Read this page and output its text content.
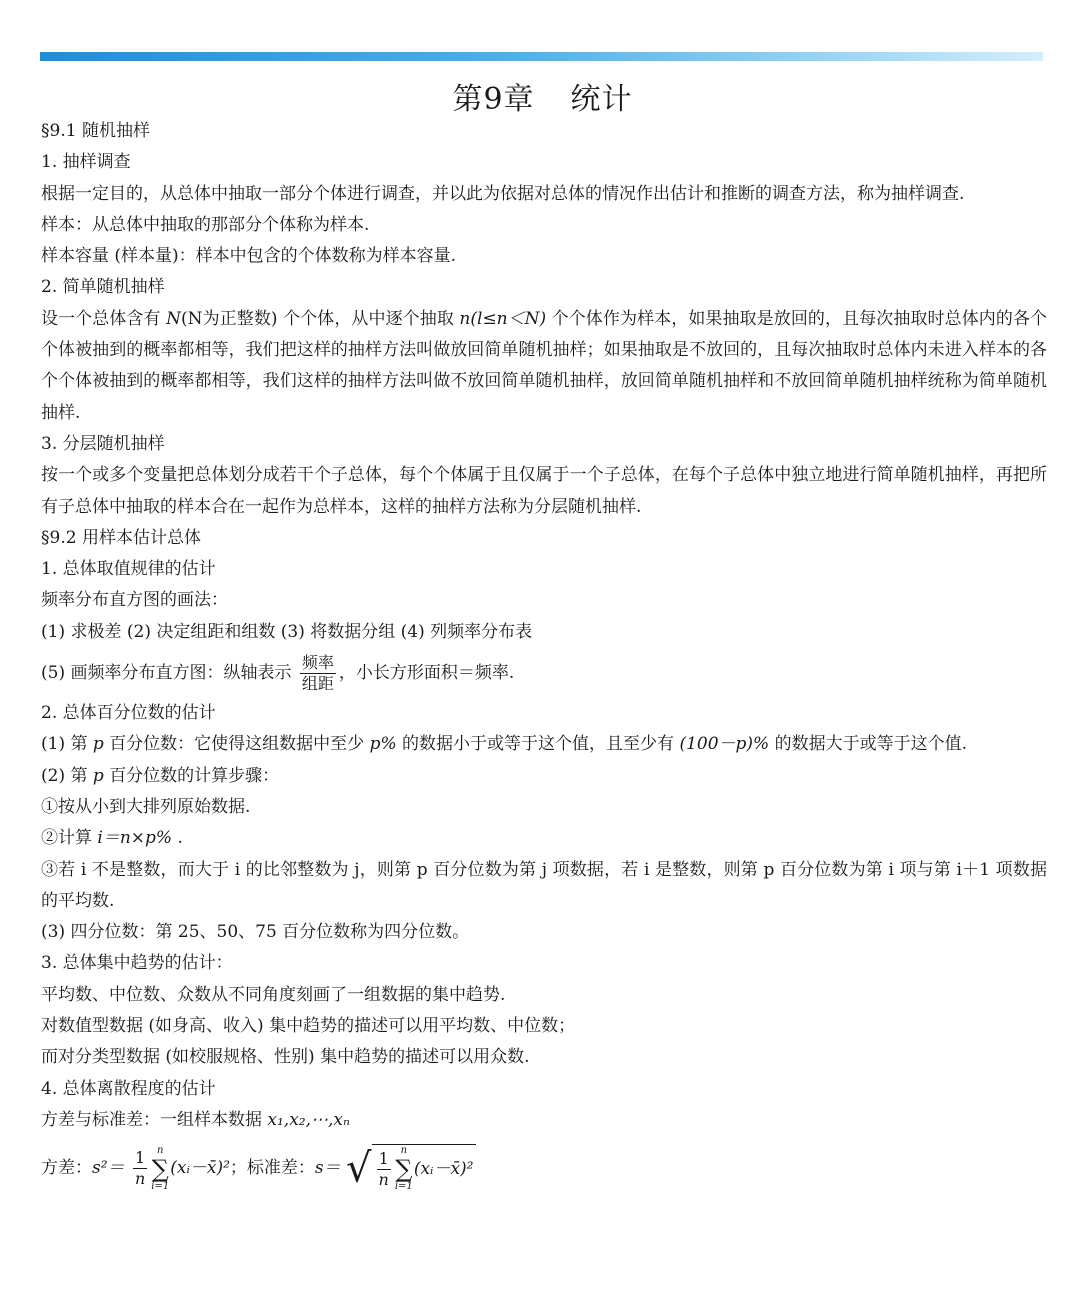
第9章 统计
§9.1 随机抽样
1. 抽样调查
根据一定目的，从总体中抽取一部分个体进行调查，并以此为依据对总体的情况作出估计和推断的调查方法，称为抽样调查.
样本：从总体中抽取的那部分个体称为样本.
样本容量 (样本量)：样本中包含的个体数称为样本容量.
2. 简单随机抽样
设一个总体含有 N(N为正整数) 个个体，从中逐个抽取 n(l≤n＜N) 个个体作为样本，如果抽取是放回的，且每次抽取时总体内的各个个体被抽到的概率都相等，我们把这样的抽样方法叫做放回简单随机抽样；如果抽取是不放回的，且每次抽取时总体内未进入样本的各个个体被抽到的概率都相等，我们这样的抽样方法叫做不放回简单随机抽样，放回简单随机抽样和不放回简单随机抽样统称为简单随机抽样.
3. 分层随机抽样
按一个或多个变量把总体划分成若干个子总体，每个个体属于且仅属于一个子总体，在每个子总体中独立地进行简单随机抽样，再把所有子总体中抽取的样本合在一起作为总样本，这样的抽样方法称为分层随机抽样.
§9.2 用样本估计总体
1. 总体取值规律的估计
频率分布直方图的画法：
(1) 求极差 (2) 决定组距和组数 (3) 将数据分组 (4) 列频率分布表
(5) 画频率分布直方图：纵轴表示 $\frac{\text{频率}}{\text{组距}}$ ，小长方形面积＝频率.
2. 总体百分位数的估计
(1) 第 p 百分位数：它使得这组数据中至少 p% 的数据小于或等于这个值，且至少有 (100－p)% 的数据大于或等于这个值.
(2) 第 p 百分位数的计算步骤：
①按从小到大排列原始数据.
②计算 i＝n×p% .
③若 i 不是整数，而大于 i 的比邻整数为 j，则第 p 百分位数为第 j 项数据，若 i 是整数，则第 p 百分位数为第 i 项与第 i＋1 项数据的平均数.
(3) 四分位数：第 25、50、75 百分位数称为四分位数。
3. 总体集中趋势的估计：
平均数、中位数、众数从不同角度刻画了一组数据的集中趋势.
对数值型数据 (如身高、收入) 集中趋势的描述可以用平均数、中位数；
而对分类型数据 (如校服规格、性别) 集中趋势的描述可以用众数.
4. 总体离散程度的估计
方差与标准差：一组样本数据 x₁,x₂,⋯,xₙ
方差：$s^2= \frac{1}{n}$ n
∑
i=1
(xᵢ－x̄)²；标准差：s＝ √ $\frac{1}{n}$ n
∑
i=1
(xᵢ－x̄)²
